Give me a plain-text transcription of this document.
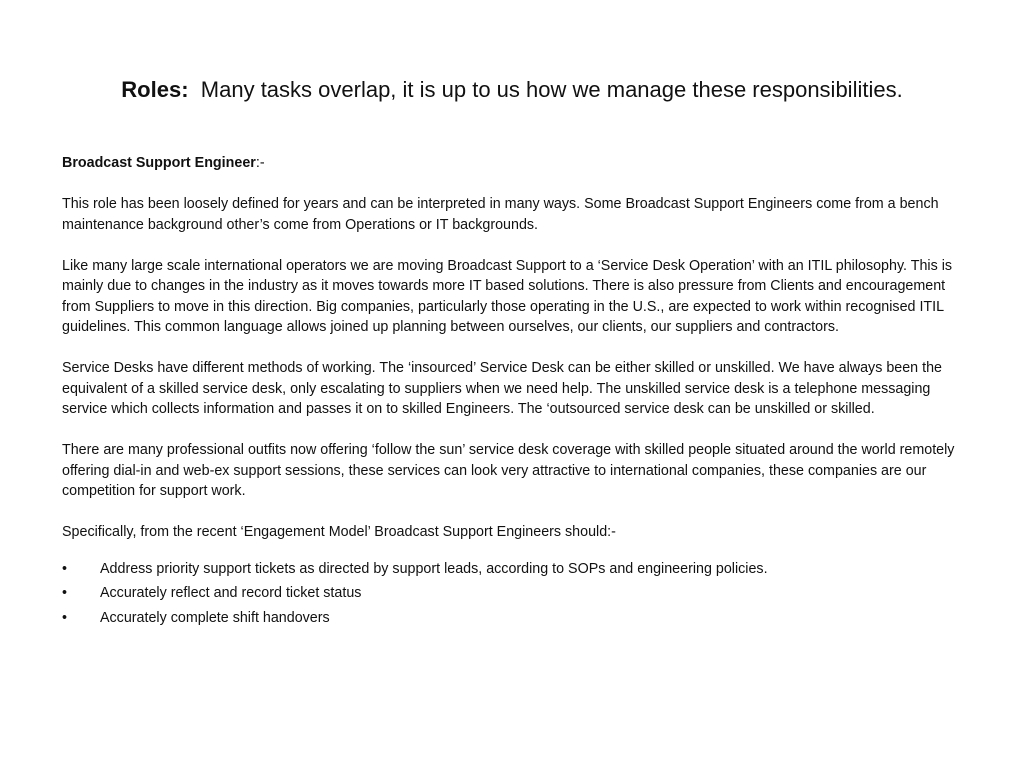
Roles: Many tasks overlap, it is up to us how we manage these responsibilities.
Broadcast Support Engineer:-

This role has been loosely defined for years and can be interpreted in many ways. Some Broadcast Support Engineers come from a bench maintenance background other’s come from Operations or IT backgrounds.

Like many large scale international operators we are moving Broadcast Support to a ‘Service Desk Operation’ with an ITIL philosophy. This is mainly due to changes in the industry as it moves towards more IT based solutions. There is also pressure from Clients and encouragement from Suppliers to move in this direction. Big companies, particularly those operating in the U.S., are expected to work within recognised ITIL guidelines. This common language allows joined up planning between ourselves, our clients, our suppliers and contractors.

Service Desks have different methods of working. The ‘insourced’ Service Desk can be either skilled or unskilled. We have always been the equivalent of a skilled service desk, only escalating to suppliers when we need help. The unskilled service desk is a telephone messaging service which collects information and passes it on to skilled Engineers. The ‘outsourced service desk can be unskilled or skilled.

There are many professional outfits now offering ‘follow the sun’ service desk coverage with skilled people situated around the world remotely offering dial-in and web-ex support sessions, these services can look very attractive to international companies, these companies are our competition for support work.

Specifically, from the recent ‘Engagement Model’ Broadcast Support Engineers should:-

• Address priority support tickets as directed by support leads, according to SOPs and engineering policies.
• Accurately reflect and record ticket status
• Accurately complete shift handovers
